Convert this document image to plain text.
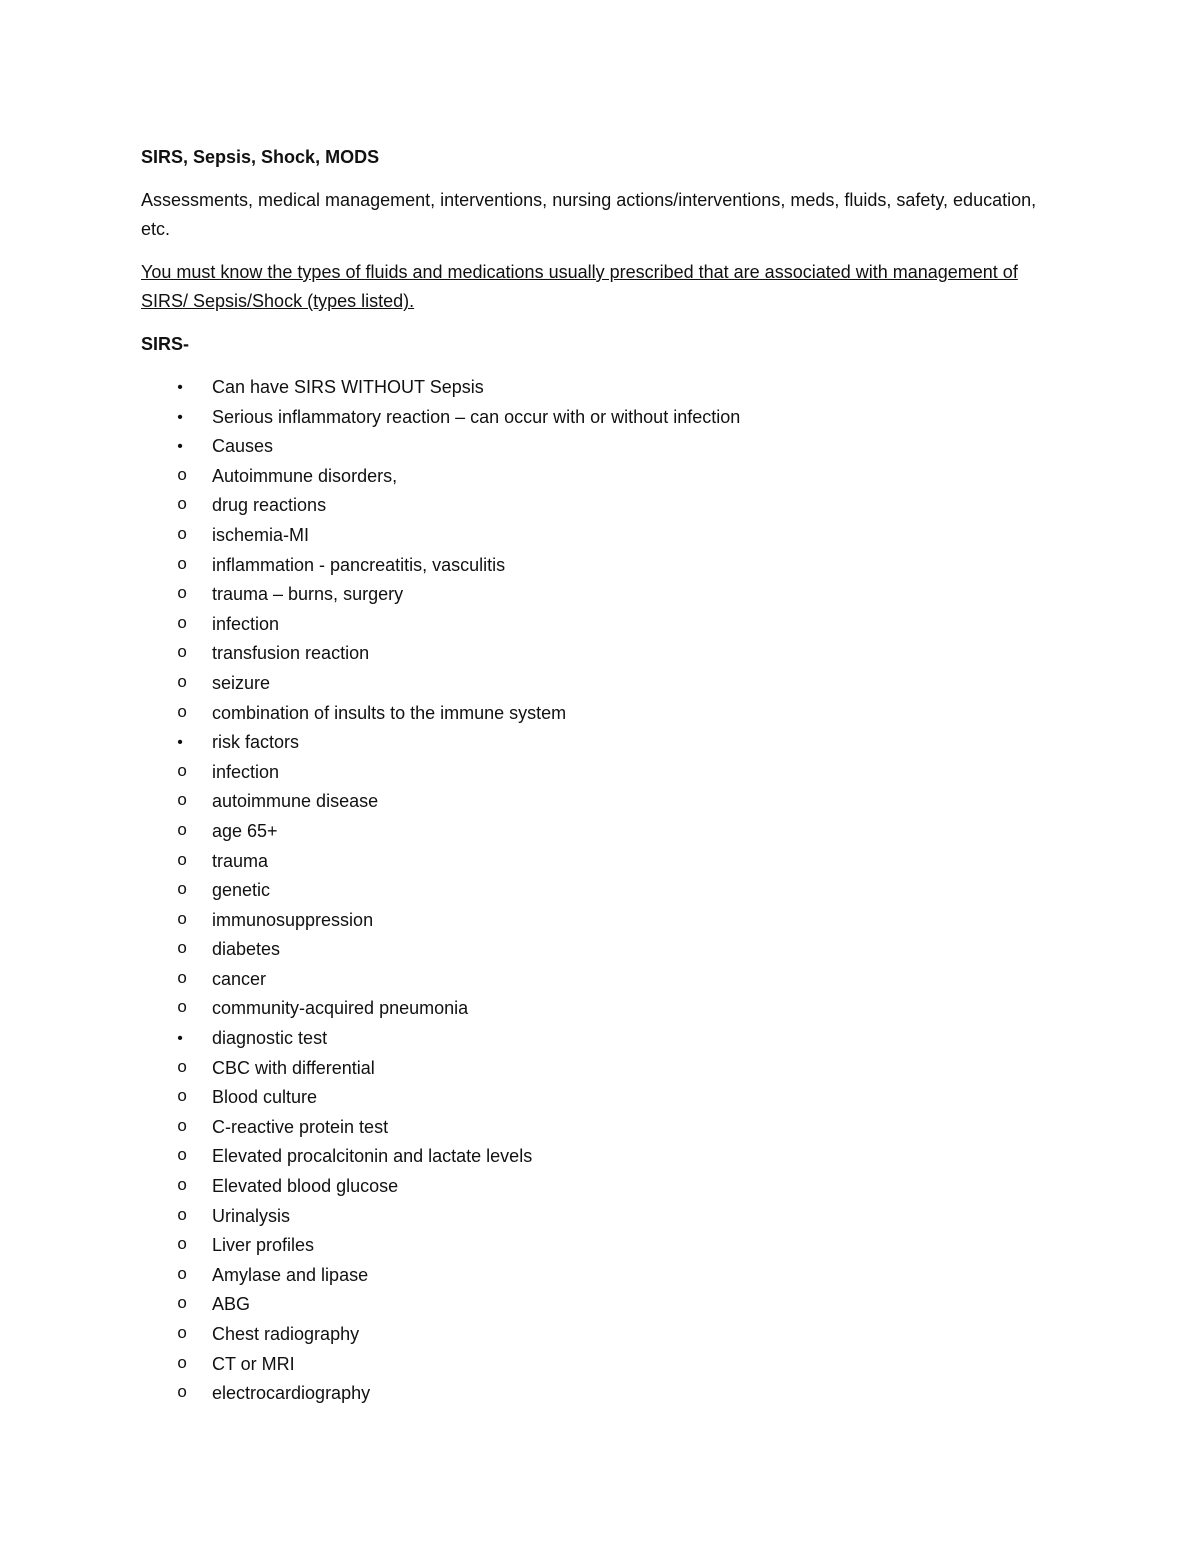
SIRS, Sepsis, Shock, MODS

Assessments, medical management, interventions, nursing actions/interventions, meds, fluids, safety, education, etc.

You must know the types of fluids and medications usually prescribed that are associated with management of SIRS/ Sepsis/Shock (types listed).

SIRS-

• Can have SIRS WITHOUT Sepsis
• Serious inflammatory reaction – can occur with or without infection
• Causes
o Autoimmune disorders,
o drug reactions
o ischemia-MI
o inflammation - pancreatitis, vasculitis
o trauma – burns, surgery
o infection
o transfusion reaction
o seizure
o combination of insults to the immune system
• risk factors
o infection
o autoimmune disease
o age 65+
o trauma
o genetic
o immunosuppression
o diabetes
o cancer
o community-acquired pneumonia
• diagnostic test
o CBC with differential
o Blood culture
o C-reactive protein test
o Elevated procalcitonin and lactate levels
o Elevated blood glucose
o Urinalysis
o Liver profiles
o Amylase and lipase
o ABG
o Chest radiography
o CT or MRI
o electrocardiography
